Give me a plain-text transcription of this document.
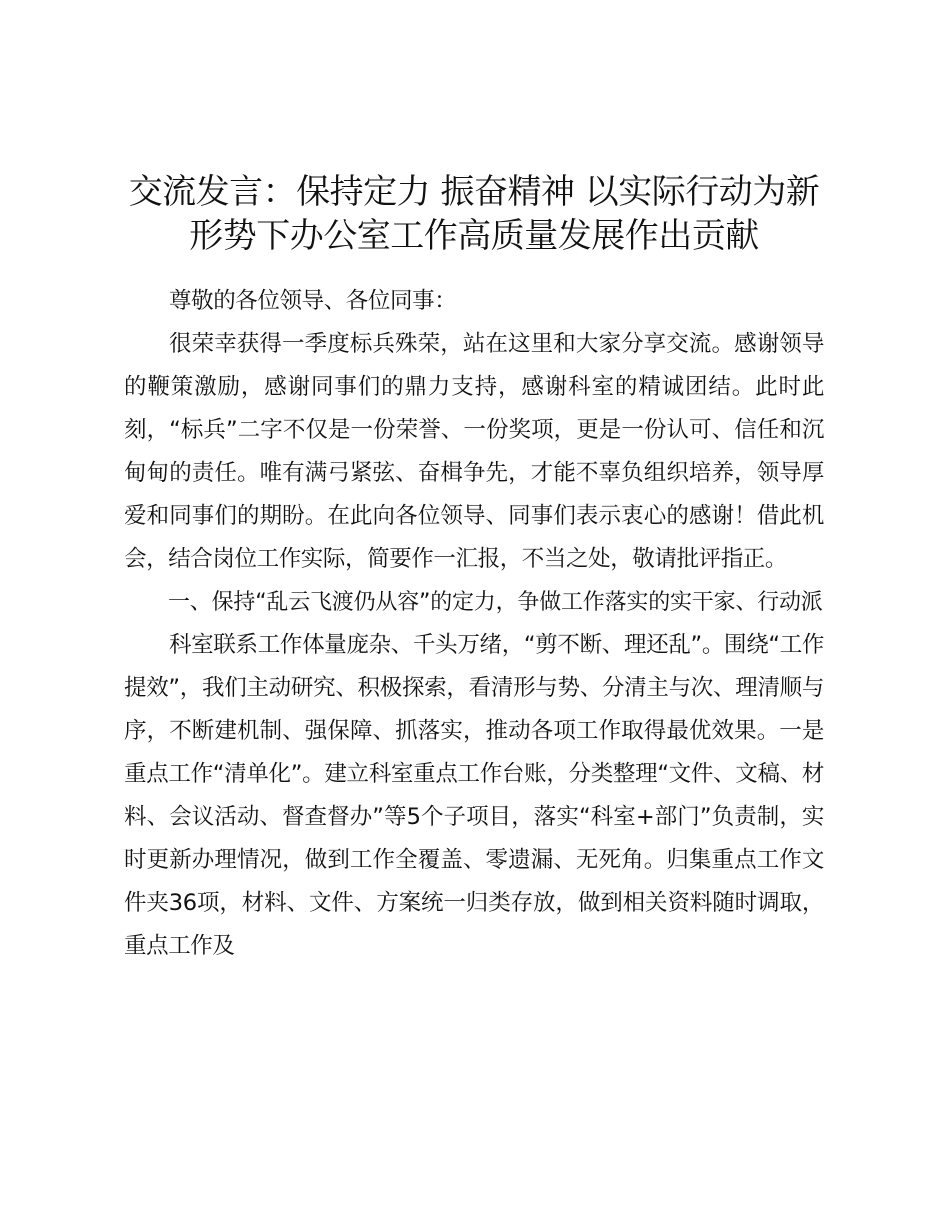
交流发言：保持定力 振奋精神 以实际行动为新
形势下办公室工作高质量发展作出贡献

尊敬的各位领导、各位同事：

很荣幸获得一季度标兵殊荣，站在这里和大家分享交流。感谢领导的鞭策激励，感谢同事们的鼎力支持，感谢科室的精诚团结。此时此刻，“标兵”二字不仅是一份荣誉、一份奖项，更是一份认可、信任和沉甸甸的责任。唯有满弓紧弦、奋楫争先，才能不辜负组织培养，领导厚爱和同事们的期盼。在此向各位领导、同事们表示衷心的感谢！借此机会，结合岗位工作实际，简要作一汇报，不当之处，敬请批评指正。

一、保持“乱云飞渡仍从容”的定力，争做工作落实的实干家、行动派

科室联系工作体量庞杂、千头万绪，“剪不断、理还乱”。围绕“工作提效”，我们主动研究、积极探索，看清形与势、分清主与次、理清顺与序，不断建机制、强保障、抓落实，推动各项工作取得最优效果。一是重点工作“清单化”。建立科室重点工作台账，分类整理“文件、文稿、材料、会议活动、督查督办”等5个子项目，落实“科室+部门”负责制，实时更新办理情况，做到工作全覆盖、零遗漏、无死角。归集重点工作文件夹36项，材料、文件、方案统一归类存放，做到相关资料随时调取，重点工作及
